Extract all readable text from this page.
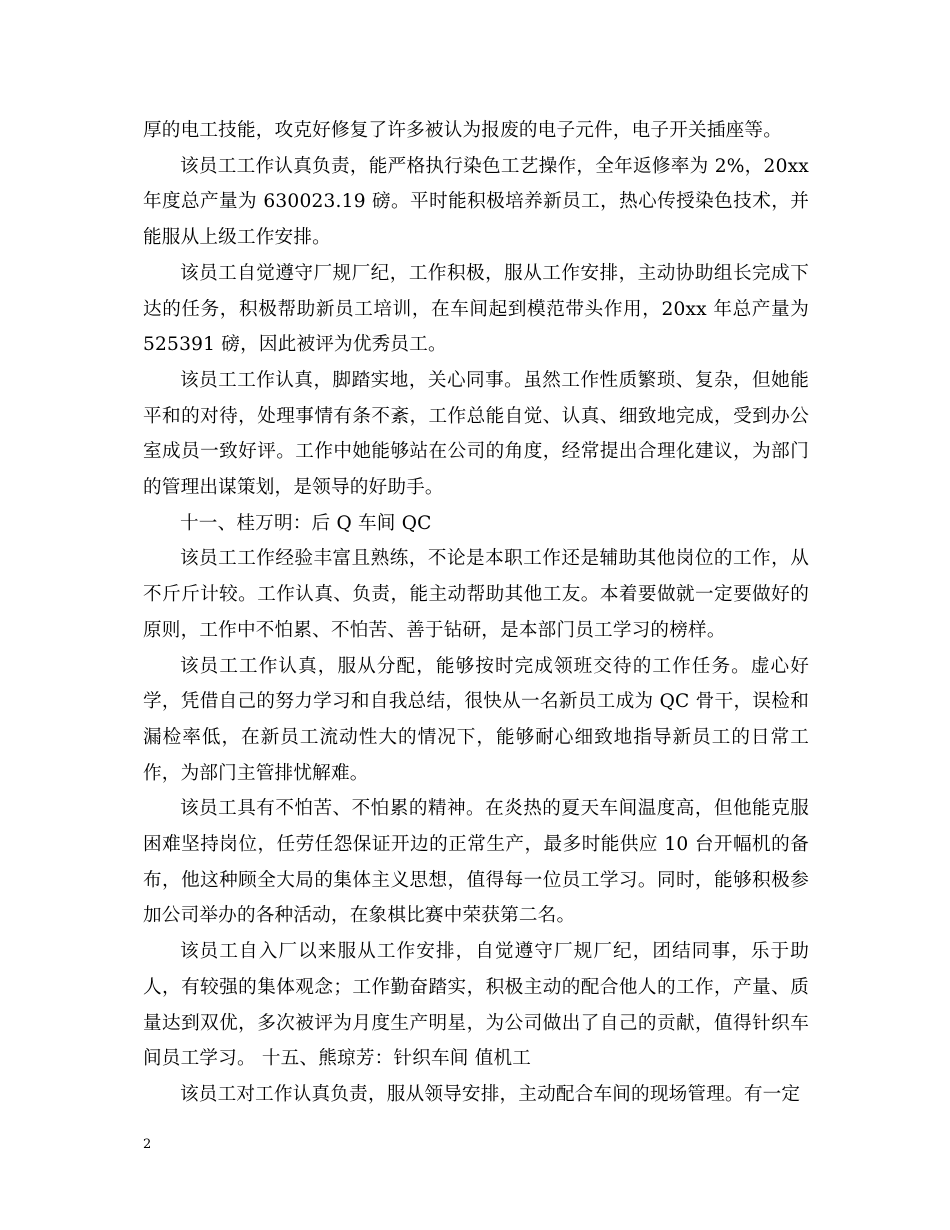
厚的电工技能，攻克好修复了许多被认为报废的电子元件，电子开关插座等。

该员工工作认真负责，能严格执行染色工艺操作，全年返修率为 2%，20xx 年度总产量为 630023.19 磅。平时能积极培养新员工，热心传授染色技术，并能服从上级工作安排。

该员工自觉遵守厂规厂纪，工作积极，服从工作安排，主动协助组长完成下达的任务，积极帮助新员工培训，在车间起到模范带头作用，20xx 年总产量为 525391 磅，因此被评为优秀员工。

该员工工作认真，脚踏实地，关心同事。虽然工作性质繁琐、复杂，但她能平和的对待，处理事情有条不紊，工作总能自觉、认真、细致地完成，受到办公室成员一致好评。工作中她能够站在公司的角度，经常提出合理化建议，为部门的管理出谋策划，是领导的好助手。

十一、桂万明：后 Q 车间 QC

该员工工作经验丰富且熟练，不论是本职工作还是辅助其他岗位的工作，从不斤斤计较。工作认真、负责，能主动帮助其他工友。本着要做就一定要做好的原则，工作中不怕累、不怕苦、善于钻研，是本部门员工学习的榜样。

该员工工作认真，服从分配，能够按时完成领班交待的工作任务。虚心好学，凭借自己的努力学习和自我总结，很快从一名新员工成为 QC 骨干，误检和漏检率低，在新员工流动性大的情况下，能够耐心细致地指导新员工的日常工作，为部门主管排忧解难。

该员工具有不怕苦、不怕累的精神。在炎热的夏天车间温度高，但他能克服困难坚持岗位，任劳任怨保证开边的正常生产，最多时能供应 10 台开幅机的备布，他这种顾全大局的集体主义思想，值得每一位员工学习。同时，能够积极参加公司举办的各种活动，在象棋比赛中荣获第二名。

该员工自入厂以来服从工作安排，自觉遵守厂规厂纪，团结同事，乐于助人，有较强的集体观念；工作勤奋踏实，积极主动的配合他人的工作，产量、质量达到双优，多次被评为月度生产明星，为公司做出了自己的贡献，值得针织车间员工学习。 十五、熊琼芳：针织车间 值机工

该员工对工作认真负责，服从领导安排，主动配合车间的现场管理。有一定

2
